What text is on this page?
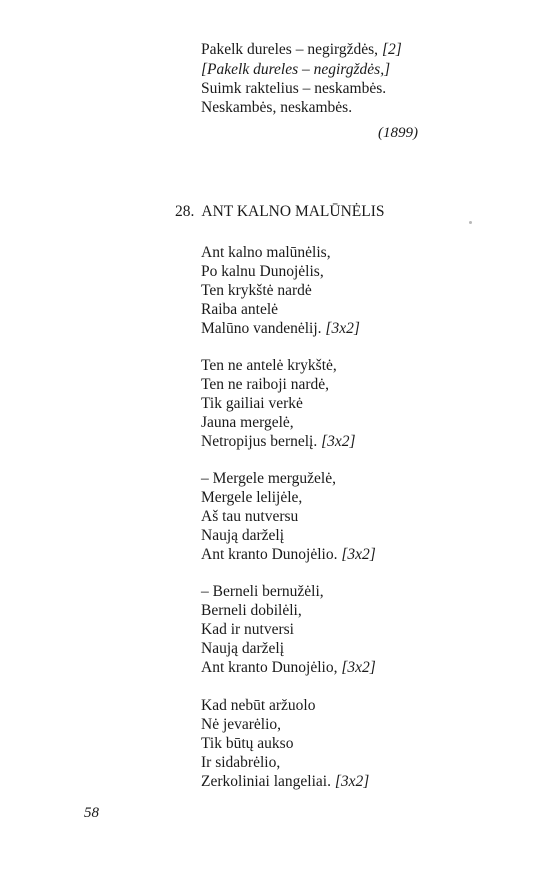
Pakelk dureles – negirgždės, [2]
[Pakelk dureles – negirgždės,]
Suimk raktelius – neskambės.
Neskambės, neskambės.
(1899)
28. ANT KALNO MALŪNĖLIS
Ant kalno malūnėlis,
Po kalnu Dunojėlis,
Ten krykštė nardė
Raiba antelė
Malūno vandenėlij. [3x2]
Ten ne antelė krykštė,
Ten ne raiboji nardė,
Tik gailiai verkė
Jauna mergelė,
Netropijus bernelį. [3x2]
– Mergele merguželė,
Mergele lelijėle,
Aš tau nutversu
Naują darželį
Ant kranto Dunojėlio. [3x2]
– Berneli bernužėli,
Berneli dobilėli,
Kad ir nutversi
Naują darželį
Ant kranto Dunojėlio, [3x2]
Kad nebūt aržuolo
Nė jevarėlio,
Tik būtų aukso
Ir sidabrėlio,
Zerkoliniai langeliai. [3x2]
58
